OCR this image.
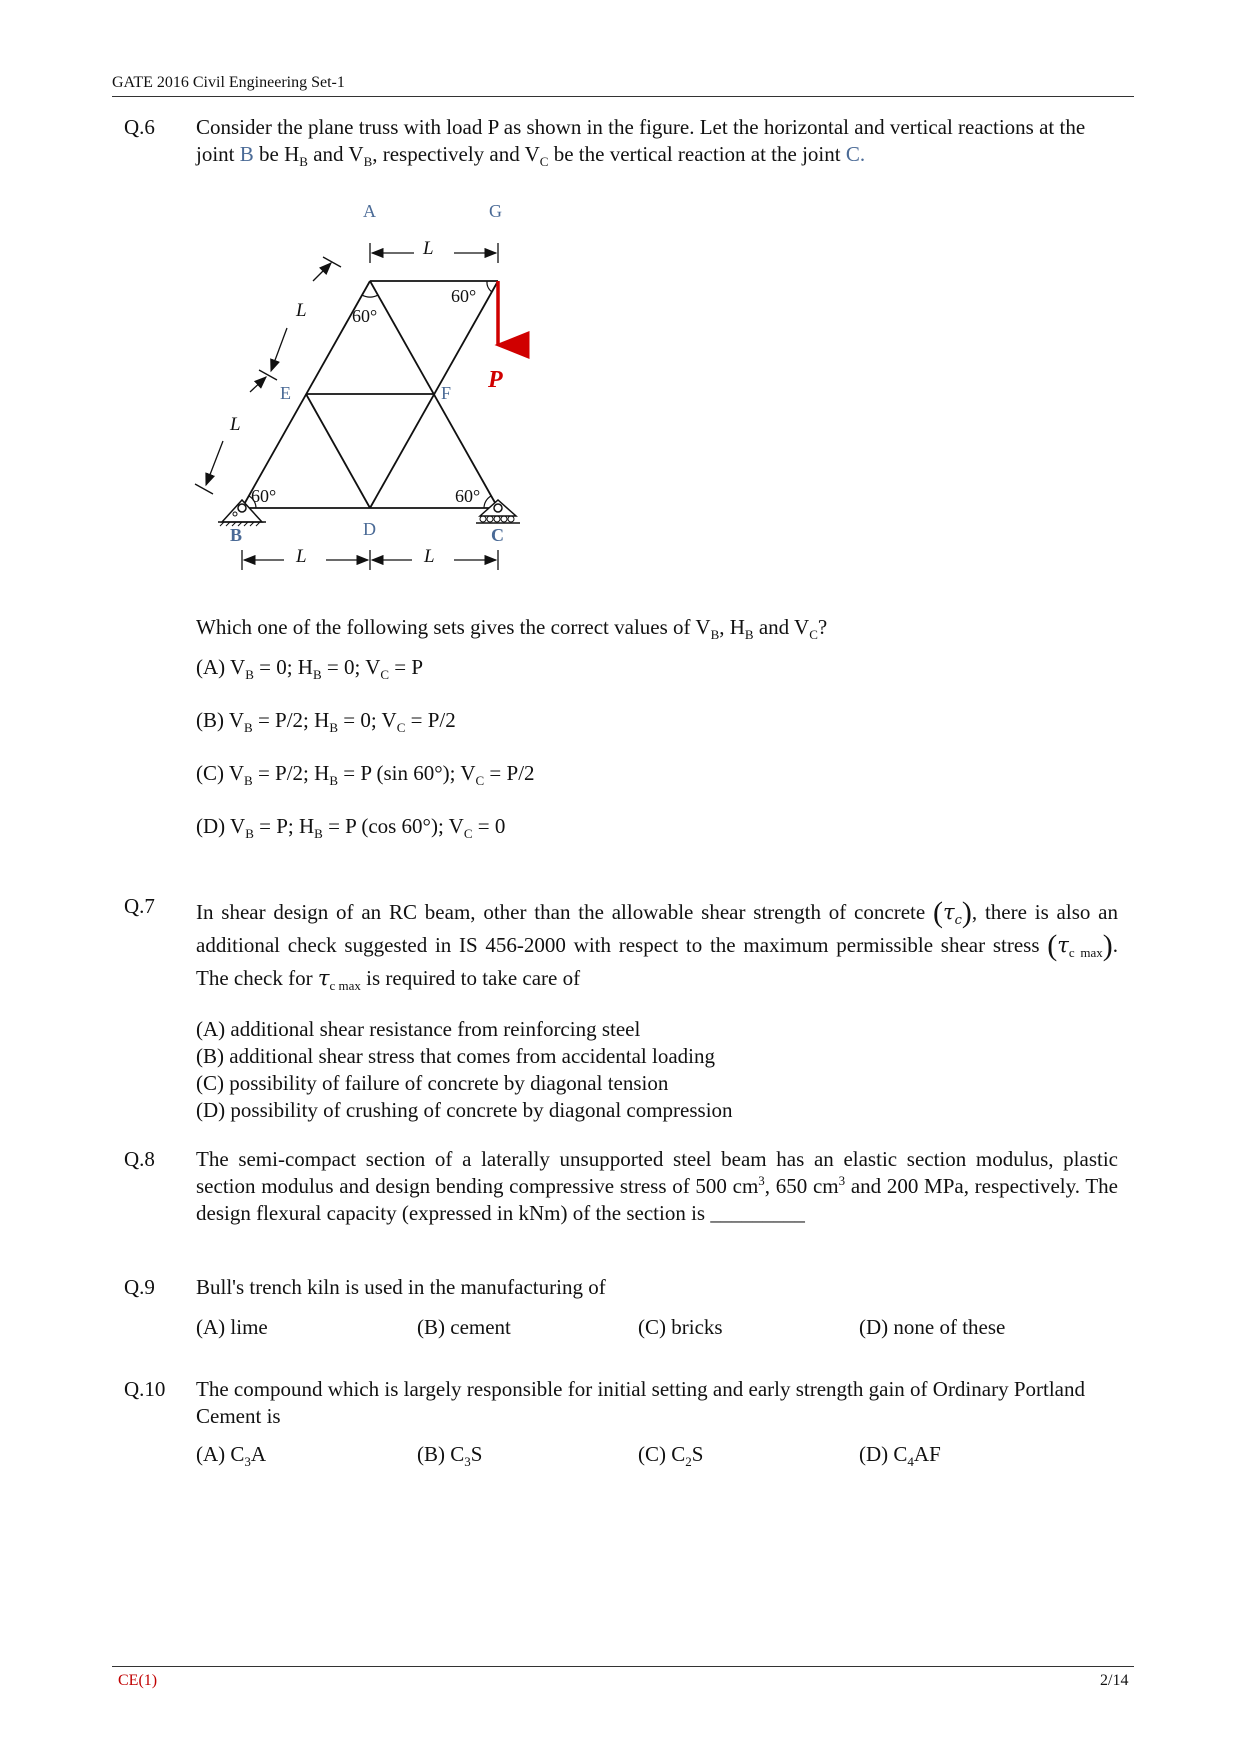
GATE 2016 Civil Engineering Set-1
Q.6 Consider the plane truss with load P as shown in the figure. Let the horizontal and vertical reactions at the joint B be $H_B$ and $V_B$, respectively and $V_C$ be the vertical reaction at the joint C.
P
A	G
E	F
D
B	C
60°
60°
60°	60°
L
L	L
L
L
Which one of the following sets gives the correct values of $V_B$, $H_B$ and $V_C$?
(A) $V_B = 0$; $H_B = 0$; $V_C = P$
(B) $V_B = P/2$; $H_B = 0$; $V_C = P/2$
(C) $V_B = P/2$; $H_B = P$ (sin 60°); $V_C = P/2$
(D) $V_B = P$; $H_B = P$ (cos 60°); $V_C = 0$
Q.7 In shear design of an RC beam, other than the allowable shear strength of concrete $(\tau_c)$, there is also an additional check suggested in IS 456-2000 with respect to the maximum permissible shear stress $(\tau_{c max})$. The check for $\tau_{c max}$ is required to take care of
(A) additional shear resistance from reinforcing steel
(B) additional shear stress that comes from accidental loading
(C) possibility of failure of concrete by diagonal tension
(D) possibility of crushing of concrete by diagonal compression
Q.8 The semi-compact section of a laterally unsupported steel beam has an elastic section modulus, plastic section modulus and design bending compressive stress of 500 $cm^3$, 650 $cm^3$ and 200 MPa, respectively. The design flexural capacity (expressed in kNm) of the section is _________
Q.9 Bull's trench kiln is used in the manufacturing of
(A) lime	(B) cement	(C) bricks	(D) none of these
Q.10 The compound which is largely responsible for initial setting and early strength gain of Ordinary Portland Cement is
(A) $C_3A$	(B) $C_3S$	(C) $C_2S$	(D) $C_4AF$
CE(1)	2/14
